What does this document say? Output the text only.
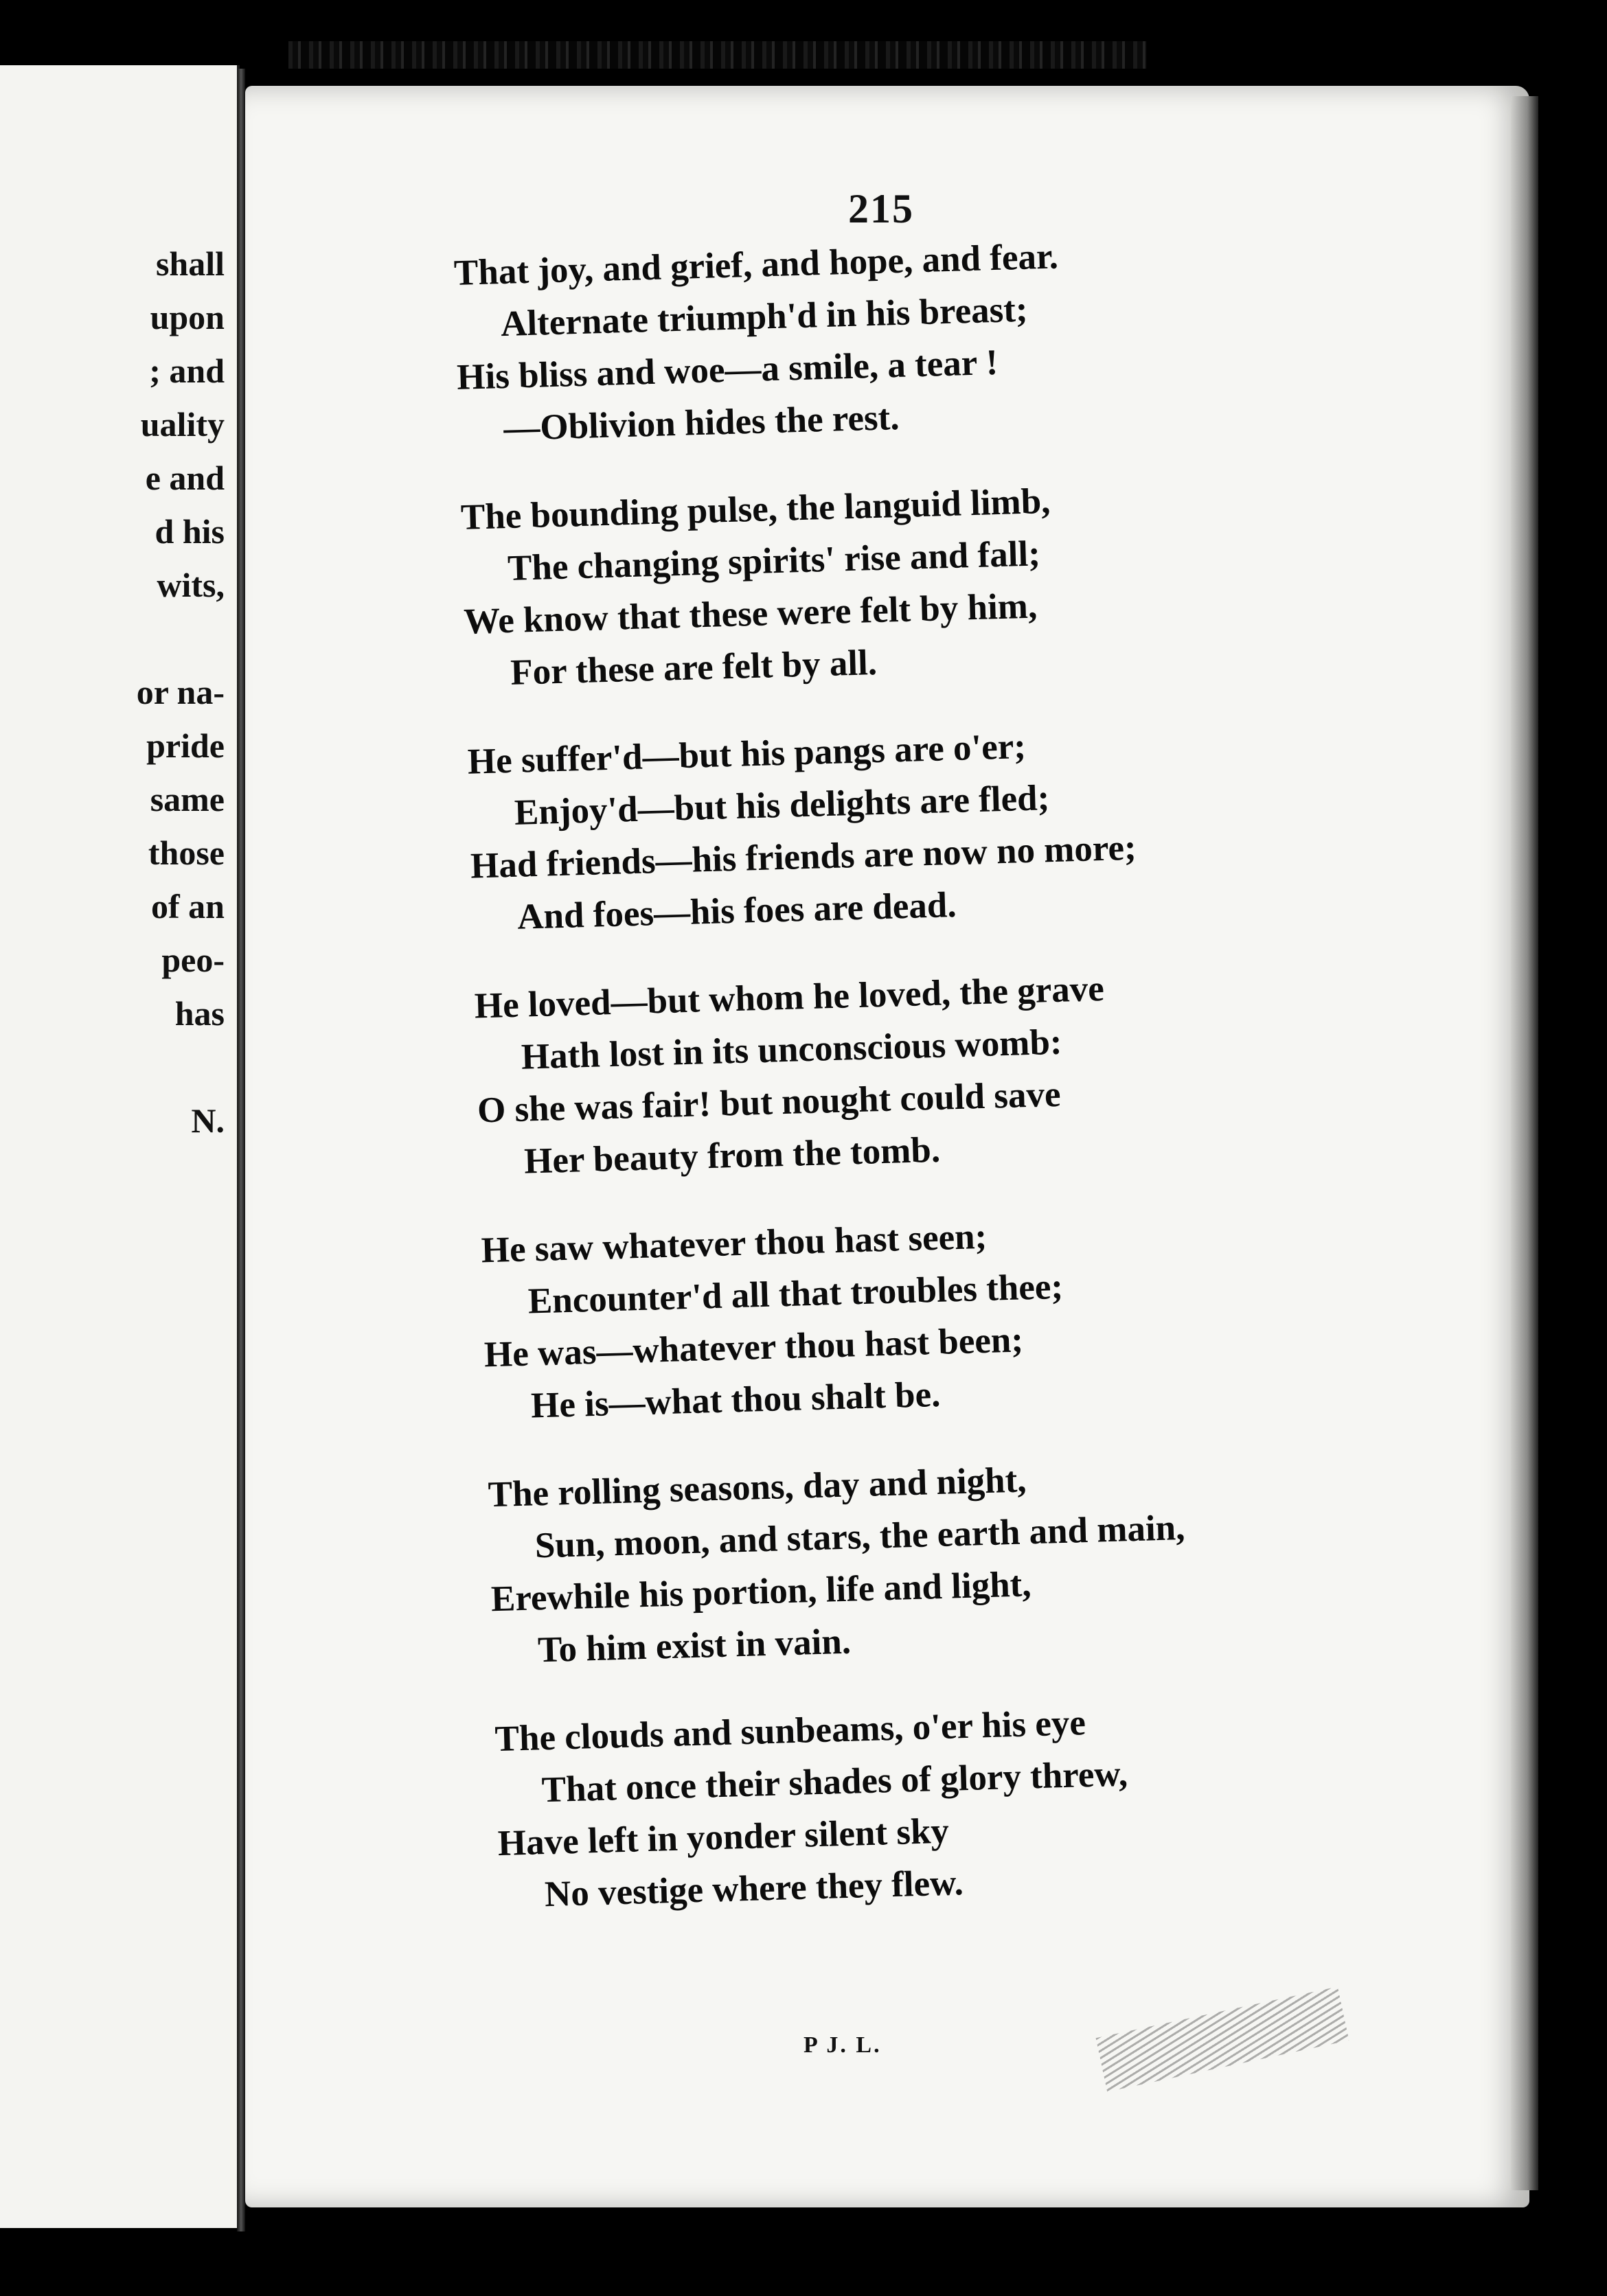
shall
upon
; and
uality
e and
d his
wits,
or na-
pride
same
those
of an
peo-
has
N.
215
That joy, and grief, and hope, and fear.
Alternate triumph'd in his breast;
His bliss and woe—a smile, a tear !
—Oblivion hides the rest.
The bounding pulse, the languid limb,
The changing spirits' rise and fall;
We know that these were felt by him,
For these are felt by all.
He suffer'd—but his pangs are o'er;
Enjoy'd—but his delights are fled;
Had friends—his friends are now no more;
And foes—his foes are dead.
He loved—but whom he loved, the grave
Hath lost in its unconscious womb:
O she was fair! but nought could save
Her beauty from the tomb.
He saw whatever thou hast seen;
Encounter'd all that troubles thee;
He was—whatever thou hast been;
He is—what thou shalt be.
The rolling seasons, day and night,
Sun, moon, and stars, the earth and main,
Erewhile his portion, life and light,
To him exist in vain.
The clouds and sunbeams, o'er his eye
That once their shades of glory threw,
Have left in yonder silent sky
No vestige where they flew.
P J. L.
